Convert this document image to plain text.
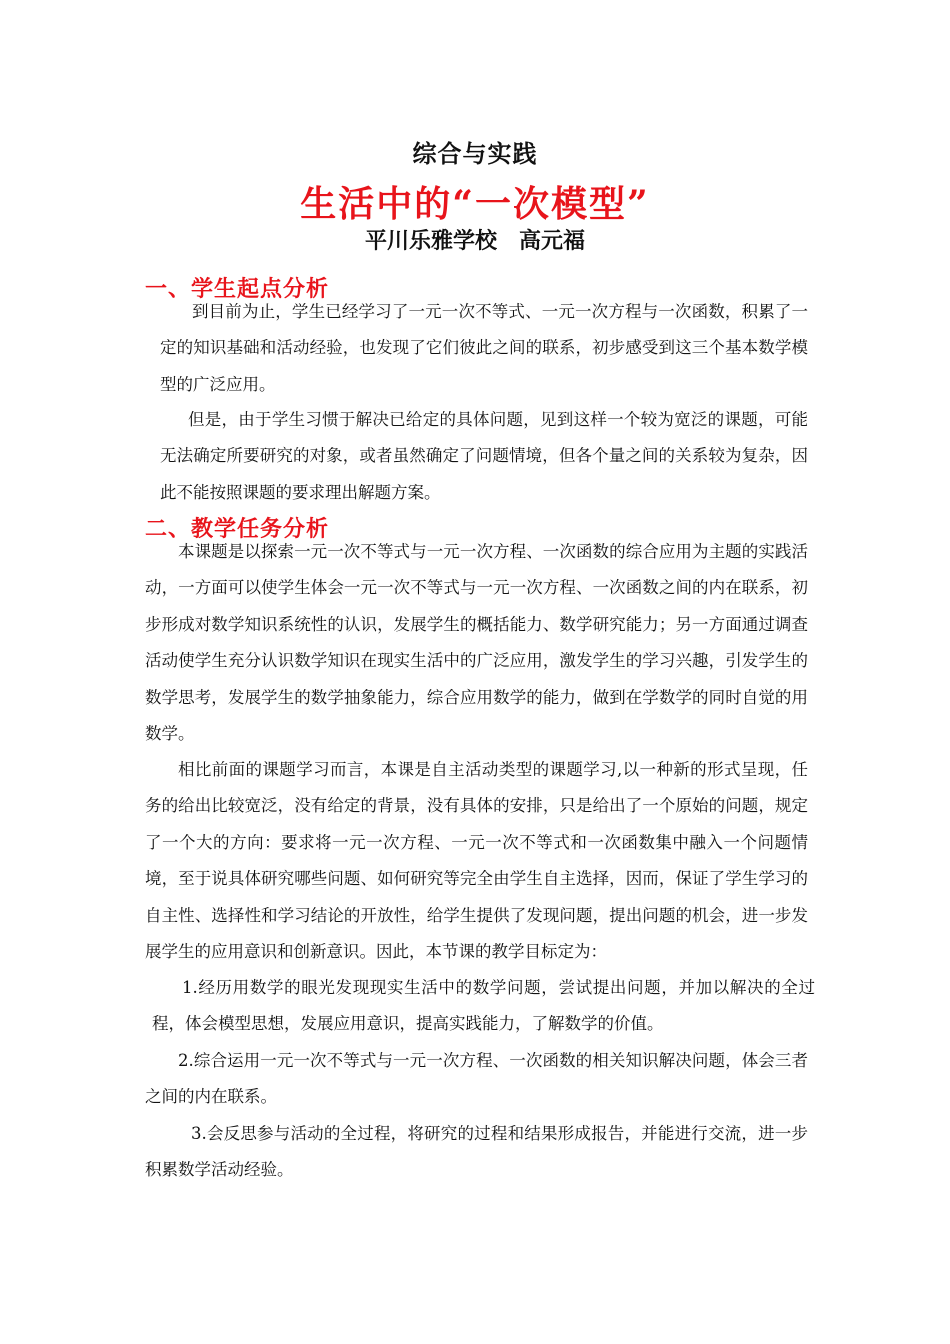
综合与实践
生活中的“一次模型”
平川乐雅学校 高元福
一、学生起点分析
到目前为止，学生已经学习了一元一次不等式、一元一次方程与一次函数，积累了一定的知识基础和活动经验，也发现了它们彼此之间的联系，初步感受到这三个基本数学模型的广泛应用。
但是，由于学生习惯于解决已给定的具体问题，见到这样一个较为宽泛的课题，可能无法确定所要研究的对象，或者虽然确定了问题情境，但各个量之间的关系较为复杂，因此不能按照课题的要求理出解题方案。
二、教学任务分析
本课题是以探索一元一次不等式与一元一次方程、一次函数的综合应用为主题的实践活动，一方面可以使学生体会一元一次不等式与一元一次方程、一次函数之间的内在联系，初步形成对数学知识系统性的认识，发展学生的概括能力、数学研究能力；另一方面通过调查活动使学生充分认识数学知识在现实生活中的广泛应用，激发学生的学习兴趣，引发学生的数学思考，发展学生的数学抽象能力，综合应用数学的能力，做到在学数学的同时自觉的用数学。
相比前面的课题学习而言，本课是自主活动类型的课题学习,以一种新的形式呈现，任务的给出比较宽泛，没有给定的背景，没有具体的安排，只是给出了一个原始的问题，规定了一个大的方向：要求将一元一次方程、一元一次不等式和一次函数集中融入一个问题情境，至于说具体研究哪些问题、如何研究等完全由学生自主选择，因而，保证了学生学习的自主性、选择性和学习结论的开放性，给学生提供了发现问题，提出问题的机会，进一步发展学生的应用意识和创新意识。因此，本节课的教学目标定为：
1.经历用数学的眼光发现现实生活中的数学问题，尝试提出问题，并加以解决的全过程，体会模型思想，发展应用意识，提高实践能力，了解数学的价值。
2.综合运用一元一次不等式与一元一次方程、一次函数的相关知识解决问题，体会三者之间的内在联系。
3.会反思参与活动的全过程，将研究的过程和结果形成报告，并能进行交流，进一步积累数学活动经验。
